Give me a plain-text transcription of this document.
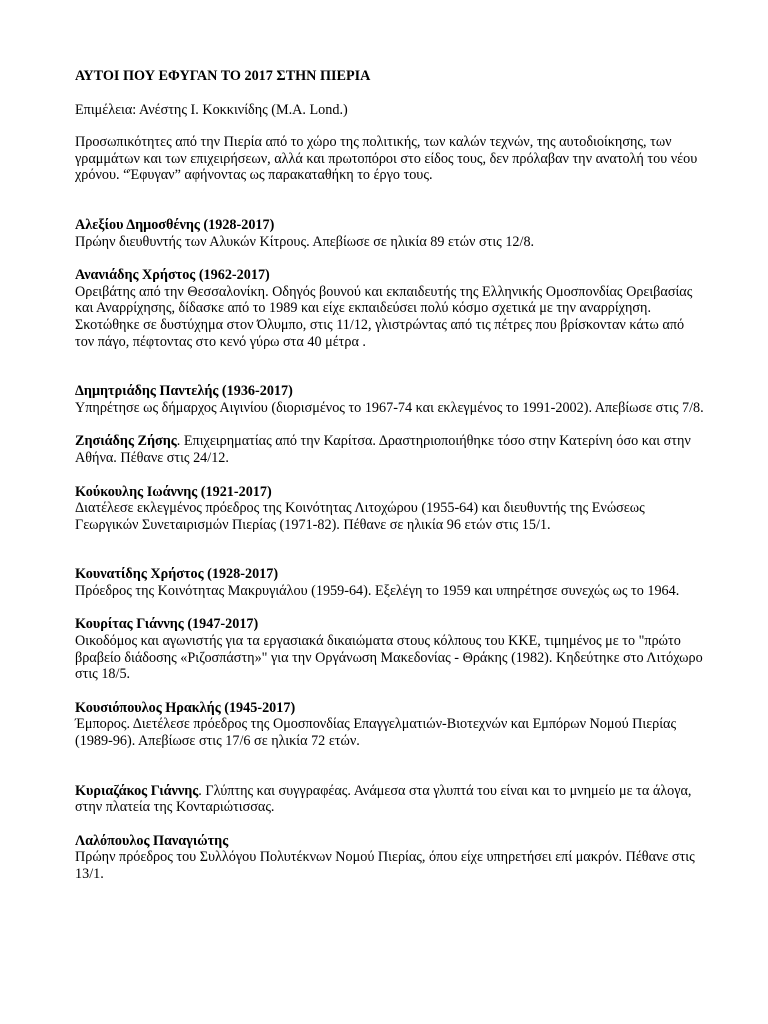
ΑΥΤΟΙ ΠΟΥ ΕΦΥΓΑΝ ΤΟ 2017 ΣΤΗΝ ΠΙΕΡΙΑ

Επιμέλεια: Ανέστης Ι. Κοκκινίδης (M.A. Lond.)

Προσωπικότητες από την Πιερία από το χώρο της πολιτικής, των καλών τεχνών, της αυτοδιοίκησης, των γραμμάτων και των επιχειρήσεων, αλλά και πρωτοπόροι στο είδος τους, δεν πρόλαβαν την ανατολή του νέου χρόνου. “Έφυγαν” αφήνοντας ως παρακαταθήκη το έργο τους.

Αλεξίου Δημοσθένης (1928-2017)
Πρώην διευθυντής των Αλυκών Κίτρους. Απεβίωσε σε ηλικία 89 ετών στις 12/8.
Ανανιάδης Χρήστος (1962-2017)
Ορειβάτης από την Θεσσαλονίκη. Οδηγός βουνού και εκπαιδευτής της Ελληνικής Ομοσπονδίας Ορειβασίας και Αναρρίχησης, δίδασκε από το 1989 και είχε εκπαιδεύσει πολύ κόσμο σχετικά με την αναρρίχηση. Σκοτώθηκε σε δυστύχημα στον Όλυμπο, στις 11/12, γλιστρώντας από τις πέτρες που βρίσκονταν κάτω από τον πάγο, πέφτοντας στο κενό γύρω στα 40 μέτρα .
Δημητριάδης Παντελής (1936-2017)
Υπηρέτησε ως δήμαρχος Αιγινίου (διορισμένος το 1967-74 και εκλεγμένος το 1991-2002). Απεβίωσε στις 7/8.
Ζησιάδης Ζήσης. Επιχειρηματίας από την Καρίτσα. Δραστηριοποιήθηκε τόσο στην Κατερίνη όσο και στην Αθήνα. Πέθανε στις 24/12.
Κούκουλης Ιωάννης (1921-2017)
Διατέλεσε εκλεγμένος πρόεδρος της Κοινότητας Λιτοχώρου (1955-64) και διευθυντής της Ενώσεως Γεωργικών Συνεταιρισμών Πιερίας (1971-82). Πέθανε σε ηλικία 96 ετών στις 15/1.
Κουνατίδης Χρήστος (1928-2017)
Πρόεδρος της Κοινότητας Μακρυγιάλου (1959-64). Εξελέγη το 1959 και υπηρέτησε συνεχώς ως το 1964.
Κουρίτας Γιάννης (1947-2017)
Οικοδόμος και αγωνιστής για τα εργασιακά δικαιώματα στους κόλπους του ΚΚΕ, τιμημένος με το "πρώτο βραβείο διάδοσης «Ριζοσπάστη»" για την Οργάνωση Μακεδονίας - Θράκης (1982). Κηδεύτηκε στο Λιτόχωρο στις 18/5.
Κουσιόπουλος Ηρακλής (1945-2017)
Έμπορος. Διετέλεσε πρόεδρος της Ομοσπονδίας Επαγγελματιών-Βιοτεχνών και Εμπόρων Νομού Πιερίας (1989-96). Απεβίωσε στις 17/6 σε ηλικία 72 ετών.
Κυριαζάκος Γιάννης. Γλύπτης και συγγραφέας. Ανάμεσα στα γλυπτά του είναι και το μνημείο με τα άλογα, στην πλατεία της Κονταριώτισσας.
Λαλόπουλος Παναγιώτης
Πρώην πρόεδρος του Συλλόγου Πολυτέκνων Νομού Πιερίας, όπου είχε υπηρετήσει επί μακρόν. Πέθανε στις 13/1.
